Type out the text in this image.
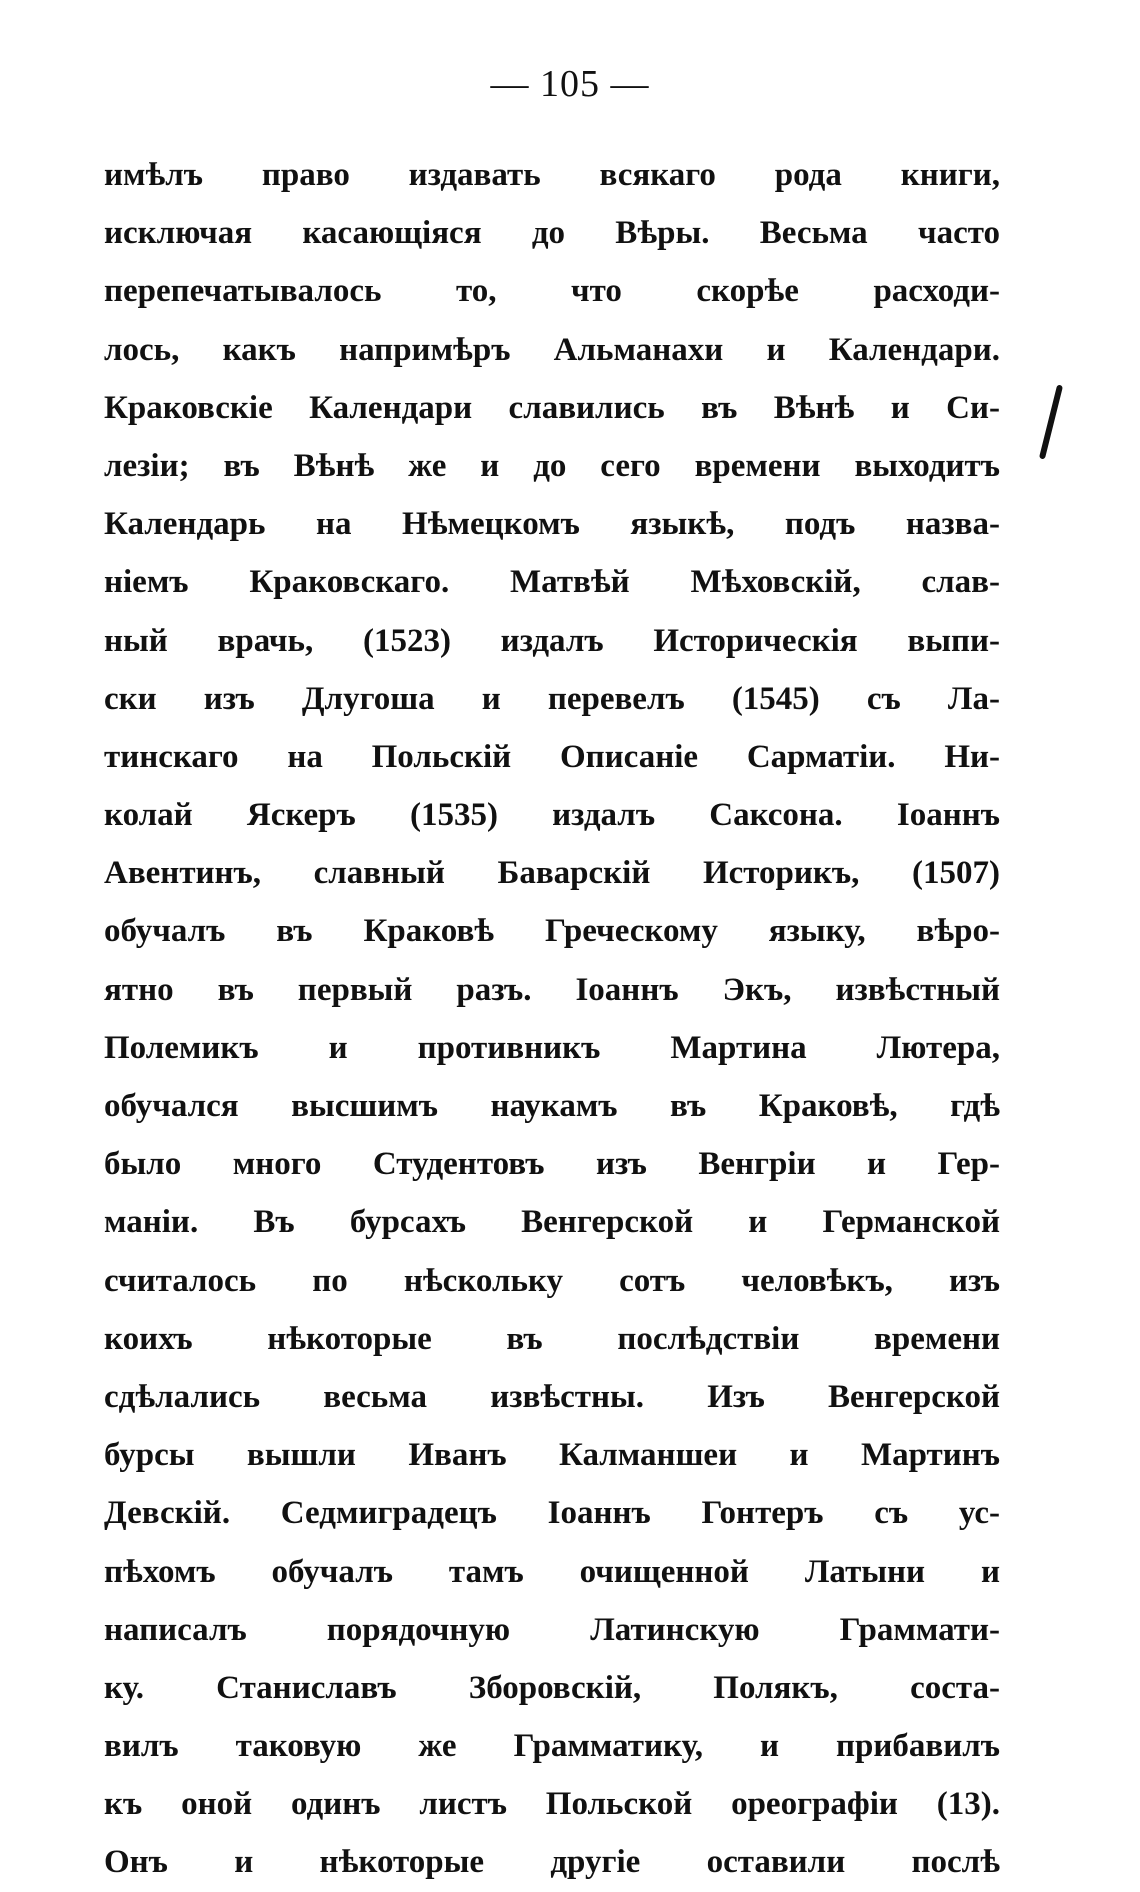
— 105 —
имѣлъ право издавать всякаго рода книги,
исключая касающіяся до Вѣры. Весьма часто
перепечатывалось то, что скорѣе расходи-
лось, какъ напримѣръ Альманахи и Календари.
Краковскіе Календари славились въ Вѣнѣ и Си-
лезіи; въ Вѣнѣ же и до сего времени выходитъ
Календарь на Нѣмецкомъ языкѣ, подъ назва-
ніемъ Краковскаго. Матвѣй Мѣховскій, слав-
ный врачь, (1523) издалъ Историческія выпи-
ски изъ Длугоша и перевелъ (1545) съ Ла-
тинскаго на Польскій Описаніе Сарматіи. Ни-
колай Яскеръ (1535) издалъ Саксона. Іоаннъ
Авентинъ, славный Баварскій Историкъ, (1507)
обучалъ въ Краковѣ Греческому языку, вѣро-
ятно въ первый разъ. Іоаннъ Экъ, извѣстный
Полемикъ и противникъ Мартина Лютера,
обучался высшимъ наукамъ въ Краковѣ, гдѣ
было много Студентовъ изъ Венгріи и Гер-
маніи. Въ бурсахъ Венгерской и Германской
считалось по нѣскольку сотъ человѣкъ, изъ
коихъ нѣкоторые въ послѣдствіи времени
сдѣлались весьма извѣстны. Изъ Венгерской
бурсы вышли Иванъ Калманшеи и Мартинъ
Девскій. Седмиградецъ Іоаннъ Гонтеръ съ ус-
пѣхомъ обучалъ тамъ очищенной Латыни и
написалъ порядочную Латинскую Граммати-
ку. Станиславъ Зборовскій, Полякъ, соста-
вилъ таковую же Грамматику, и прибавилъ
къ оной одинъ листъ Польской ореографіи (13).
Онъ и нѣкоторые другіе оставили послѣ
